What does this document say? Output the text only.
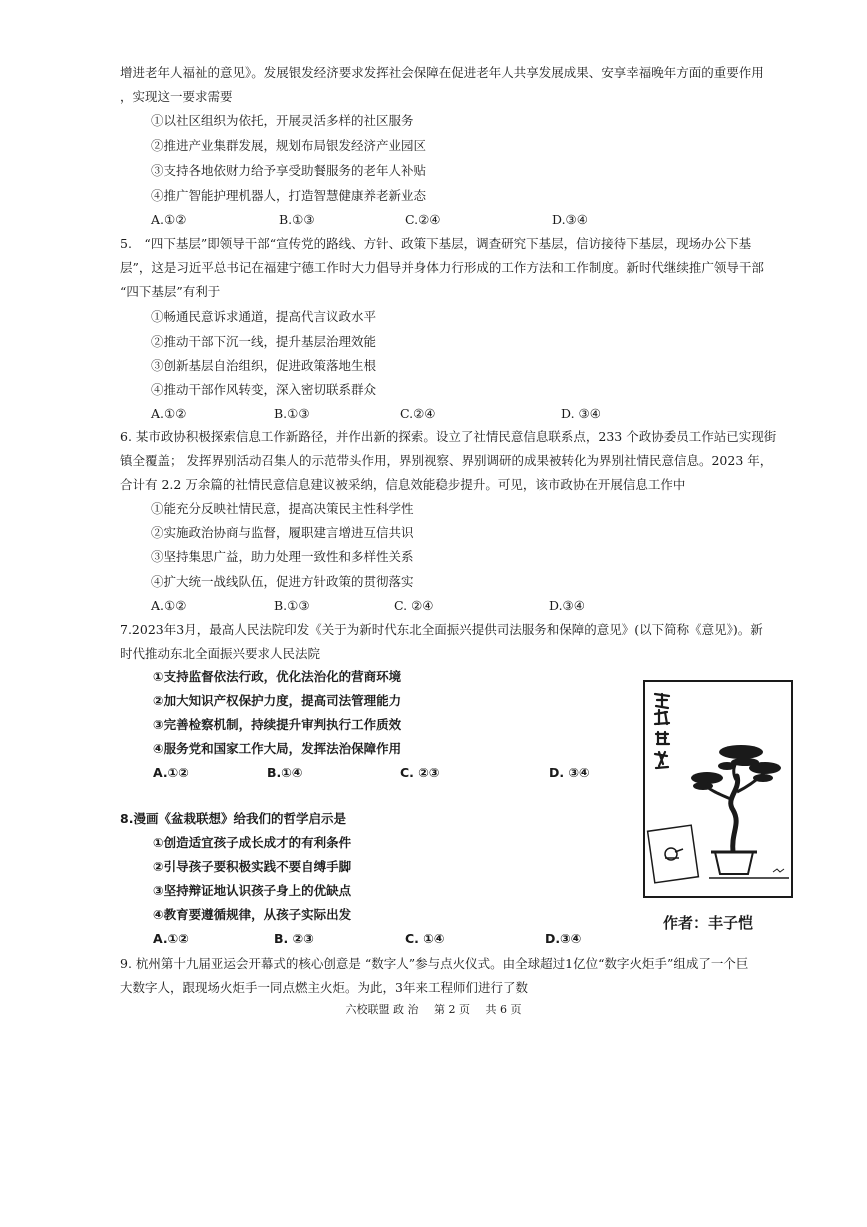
增进老年人福祉的意见》。发展银发经济要求发挥社会保障在促进老年人共享发展成果、安享幸福晚年方面的重要作用
，实现这一要求需要
①以社区组织为依托，开展灵活多样的社区服务
②推进产业集群发展，规划布局银发经济产业园区
③支持各地依财力给予享受助餐服务的老年人补贴
④推广智能护理机器人，打造智慧健康养老新业态
A.①②	B.①③	C.②④	D.③④
5.　“四下基层”即领导干部“宣传党的路线、方针、政策下基层，调查研究下基层，信访接待下基层，现场办公下基
层”，这是习近平总书记在福建宁德工作时大力倡导并身体力行形成的工作方法和工作制度。新时代继续推广领导干部
“四下基层”有利于
①畅通民意诉求通道，提高代言议政水平
②推动干部下沉一线，提升基层治理效能
③创新基层自治组织，促进政策落地生根
④推动干部作风转变，深入密切联系群众
A.①②	B.①③	C.②④	D. ③④
6. 某市政协积极探索信息工作新路径，并作出新的探索。设立了社情民意信息联系点，233 个政协委员工作站已实现街
镇全覆盖； 发挥界别活动召集人的示范带头作用，界别视察、界别调研的成果被转化为界别社情民意信息。2023 年，
合计有 2.2 万余篇的社情民意信息建议被采纳，信息效能稳步提升。可见，该市政协在开展信息工作中
①能充分反映社情民意，提高决策民主性科学性
②实施政治协商与监督，履职建言增进互信共识
③坚持集思广益，助力处理一致性和多样性关系
④扩大统一战线队伍，促进方针政策的贯彻落实
A.①②	B.①③	C. ②④	D.③④
7.2023年3月，最高人民法院印发《关于为新时代东北全面振兴提供司法服务和保障的意见》(以下简称《意见》)。新
时代推动东北全面振兴要求人民法院
①支持监督依法行政，优化法治化的营商环境
②加大知识产权保护力度，提高司法管理能力
③完善检察机制，持续提升审判执行工作质效
④服务党和国家工作大局，发挥法治保障作用
A.①②	B.①④	C. ②③	D. ③④
8.漫画《盆栽联想》给我们的哲学启示是
①创造适宜孩子成长成才的有利条件
②引导孩子要积极实践不要自缚手脚
③坚持辩证地认识孩子身上的优缺点
④教育要遵循规律，从孩子实际出发
A.①②	B. ②③	C. ①④	D.③④
作者：丰子恺
9. 杭州第十九届亚运会开幕式的核心创意是 “数字人”参与点火仪式。由全球超过1亿位“数字火炬手”组成了一个巨
大数字人，跟现场火炬手一同点燃主火炬。为此，3年来工程师们进行了数
六校联盟 政 治 第 2 页 共 6 页
